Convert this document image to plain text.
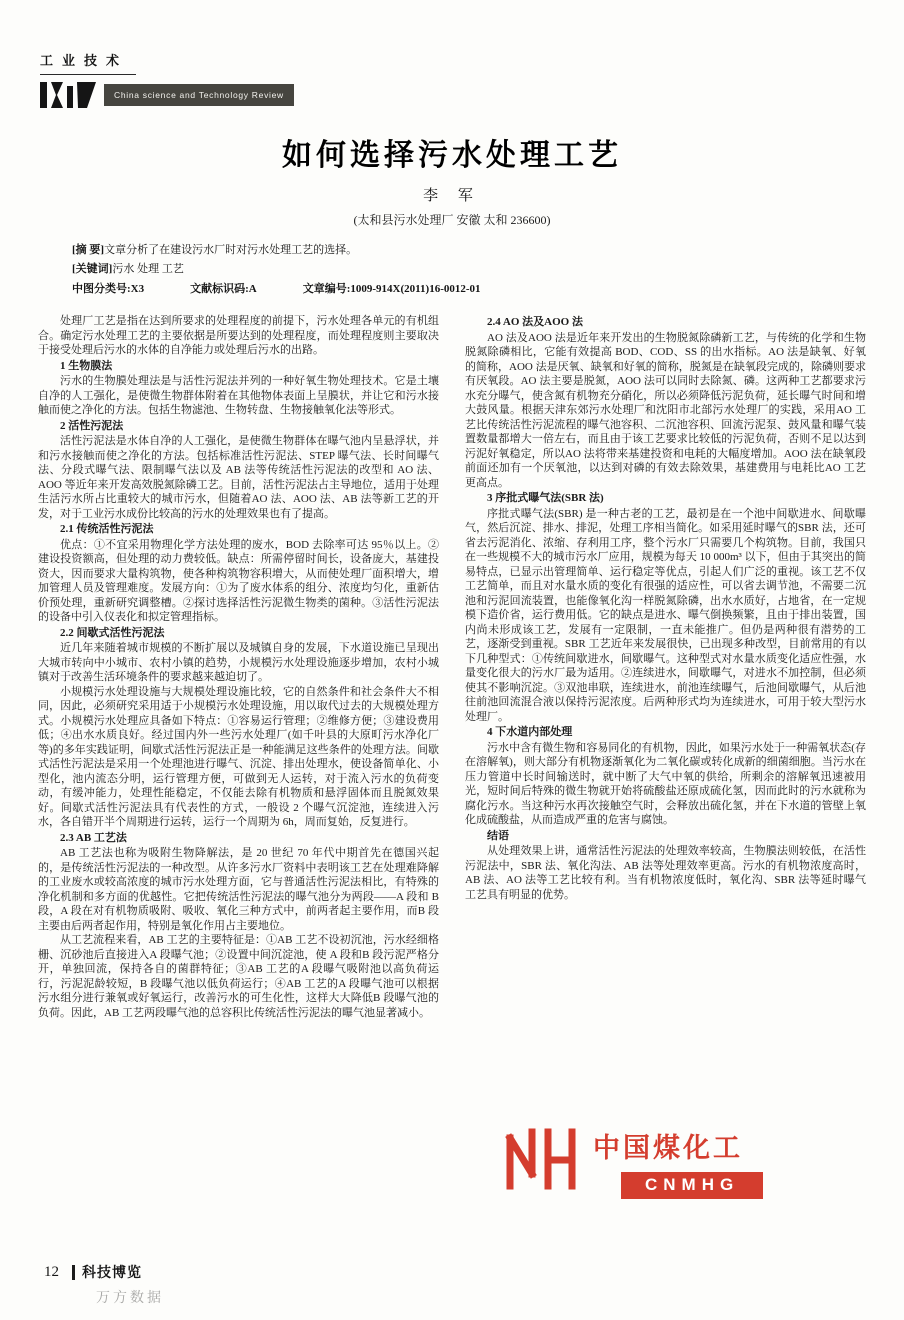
工业技术
China science and Technology Review
如何选择污水处理工艺
李 军
(太和县污水处理厂 安徽 太和 236600)

[摘 要]文章分析了在建设污水厂时对污水处理工艺的选择。

[关键词]污水 处理 工艺

中图分类号:X3	文献标识码:A	文章编号:1009-914X(2011)16-0012-01

处理厂工艺是指在达到所要求的处理程度的前提下，污水处理各单元的有机组合。确定污水处理工艺的主要依据是所要达到的处理程度，而处理程度则主要取决于接受处理后污水的水体的自净能力或处理后污水的出路。

1 生物膜法

污水的生物膜处理法是与活性污泥法并列的一种好氧生物处理技术。它是土壤自净的人工强化，是使微生物群体附着在其他物体表面上呈膜状，并让它和污水接触而使之净化的方法。包括生物滤池、生物转盘、生物接触氧化法等形式。

2 活性污泥法

活性污泥法是水体自净的人工强化，是使微生物群体在曝气池内呈悬浮状，并和污水接触而使之净化的方法。包括标准活性污泥法、STEP 曝气法、长时间曝气法、分段式曝气法、限制曝气法以及 AB 法等传统活性污泥法的改型和 AO 法、AOO 等近年来开发高效脱氮除磷工艺。目前，活性污泥法占主导地位，适用于处理生活污水所占比重较大的城市污水，但随着AO 法、AOO 法、AB 法等新工艺的开发，对于工业污水成份比较高的污水的处理效果也有了提高。

2.1 传统活性污泥法

优点：①不宜采用物理化学方法处理的废水，BOD 去除率可达 95％以上。②建设投资额高，但处理的动力费较低。缺点：所需停留时间长，设备庞大，基建投资大，因而要求大量构筑物，使各种构筑物容积增大，从而使处理厂面积增大，增加管理人员及管理难度。发展方向：①为了废水体系的组分、浓度均匀化，重新估价预处理，重新研究调整槽。②探讨选择活性污泥微生物类的菌种。③活性污泥法的设备中引入仪表化和拟定管理指标。

2.2 间歇式活性污泥法

近几年来随着城市规模的不断扩展以及城镇自身的发展，下水道设施已呈现出大城市转向中小城市、农村小镇的趋势，小规模污水处理设施逐步增加，农村小城镇对于改善生活环境条件的要求越来越迫切了。

小规模污水处理设施与大规模处理设施比较，它的自然条件和社会条件大不相同，因此，必须研究采用适于小规模污水处理设施，用以取代过去的大规模处理方式。小规模污水处理应具备如下特点：①容易运行管理；②维修方便；③建设费用低；④出水水质良好。经过国内外一些污水处理厂(如千叶县的大原町污水净化厂等)的多年实践证明，间歇式活性污泥法正是一种能满足这些条件的处理方法。间歇式活性污泥法是采用一个处理池进行曝气、沉淀、排出处理水，使设备简单化、小型化，池内流态分明，运行管理方便，可做到无人运转，对于流入污水的负荷变动，有缓冲能力，处理性能稳定，不仅能去除有机物质和悬浮固体而且脱氮效果好。间歇式活性污泥法具有代表性的方式，一般设 2 个曝气沉淀池，连续进入污水，各自错开半个周期进行运转，运行一个周期为 6h，周而复始，反复进行。

2.3 AB 工艺法

AB 工艺法也称为吸附生物降解法，是 20 世纪 70 年代中期首先在德国兴起的，是传统活性污泥法的一种改型。从许多污水厂资料中表明该工艺在处理难降解的工业废水或较高浓度的城市污水处理方面，它与普通活性污泥法相比，有特殊的净化机制和多方面的优越性。它把传统活性污泥法的曝气池分为两段——A 段和 B 段，A 段在对有机物质吸附、吸收、氧化三种方式中，前两者起主要作用，而B 段主要由后两者起作用，特别是氧化作用占主要地位。

从工艺流程来看，AB 工艺的主要特征是：①AB 工艺不设初沉池，污水经细格栅、沉砂池后直接进入A 段曝气池；②设置中间沉淀池，使 A 段和B 段污泥严格分开，单独回流，保持各自的菌群特征；③AB 工艺的A 段曝气吸附池以高负荷运行，污泥泥龄较短，B 段曝气池以低负荷运行；④AB 工艺的A 段曝气池可以根据污水组分进行兼氧或好氧运行，改善污水的可生化性，这样大大降低B 段曝气池的负荷。因此，AB 工艺两段曝气池的总容积比传统活性污泥法的曝气池显著减小。

2.4 AO 法及AOO 法

AO 法及AOO 法是近年来开发出的生物脱氮除磷新工艺，与传统的化学和生物脱氮除磷相比，它能有效提高 BOD、COD、SS 的出水指标。AO 法是缺氧、好氧的简称，AOO 法是厌氧、缺氧和好氧的简称，脱氮是在缺氧段完成的，除磷则要求有厌氧段。AO 法主要是脱氮，AOO 法可以同时去除氮、磷。这两种工艺都要求污水充分曝气，使含氮有机物充分硝化，所以必须降低污泥负荷，延长曝气时间和增大鼓风量。根据天津东郊污水处理厂和沈阳市北部污水处理厂的实践，采用AO 工艺比传统活性污泥流程的曝气池容积、二沉池容积、回流污泥泵、鼓风量和曝气装置数量都增大一倍左右，而且由于该工艺要求比较低的污泥负荷，否则不足以达到污泥好氧稳定，所以AO 法将带来基建投资和电耗的大幅度增加。AOO 法在缺氧段前面还加有一个厌氧池，以达到对磷的有效去除效果，基建费用与电耗比AO 工艺更高点。

3 序批式曝气法(SBR 法)

序批式曝气法(SBR) 是一种古老的工艺，最初是在一个池中间歇进水、间歇曝气，然后沉淀、排水、排泥，处理工序相当简化。如采用延时曝气的SBR 法，还可省去污泥消化、浓缩、存利用工序，整个污水厂只需要几个构筑物。目前，我国只在一些规模不大的城市污水厂应用，规模为每天 10 000m³ 以下，但由于其突出的简易特点，已显示出管理简单、运行稳定等优点，引起人们广泛的重视。该工艺不仅工艺简单，而且对水量水质的变化有很强的适应性，可以省去调节池，不需要二沉池和污泥回流装置，也能像氧化沟一样脱氮除磷，出水水质好，占地省，在一定规模下造价省，运行费用低。它的缺点是进水、曝气倒换频繁，且由于排出装置，国内尚未形成该工艺，发展有一定限制，一直未能推广。但仍是两种很有潜势的工艺，逐渐受到重视。SBR 工艺近年来发展很快，已出现多种改型，目前常用的有以下几种型式：①传统间歇进水，间歇曝气。这种型式对水量水质变化适应性强，水量变化很大的污水厂最为适用。②连续进水，间歇曝气，对进水不加控制，但必须使其不影响沉淀。③双池串联，连续进水，前池连续曝气，后池间歇曝气，从后池往前池回流混合液以保持污泥浓度。后两种形式均为连续进水，可用于较大型污水处理厂。

4 下水道内部处理

污水中含有微生物和容易同化的有机物，因此，如果污水处于一种需氧状态(存在溶解氧)，则大部分有机物逐渐氧化为二氧化碳或转化成新的细菌细胞。当污水在压力管道中长时间输送时，就中断了大气中氧的供给，所剩余的溶解氧迅速被用光，短时间后特殊的微生物就开始将硫酸盐还原成硫化氢，因而此时的污水就称为腐化污水。当这种污水再次接触空气时，会释放出硫化氢，并在下水道的管壁上氧化成硫酸盐，从而造成严重的危害与腐蚀。

结语

从处理效果上讲，通常活性污泥法的处理效率较高，生物膜法则较低，在活性污泥法中，SBR 法、氧化沟法、AB 法等处理效率更高。污水的有机物浓度高时，AB 法、AO 法等工艺比较有利。当有机物浓度低时，氧化沟、SBR 法等延时曝气工艺具有明显的优势。

中国煤化工
CNMHG
12 科技博览
万方数据
